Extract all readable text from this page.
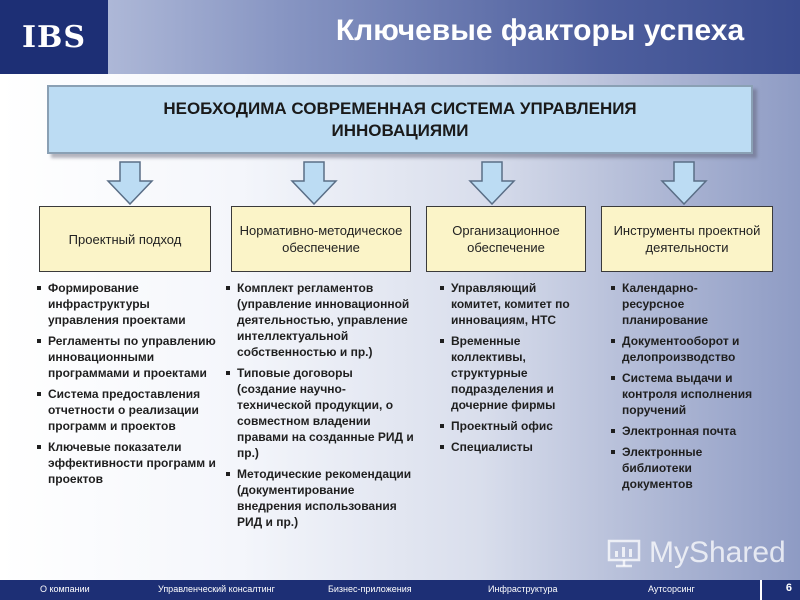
IBS	Ключевые факторы успеха
НЕОБХОДИМА СОВРЕМЕННАЯ СИСТЕМА УПРАВЛЕНИЯ ИННОВАЦИЯМИ
Проектный подход
Нормативно-методическое обеспечение
Организационное обеспечение
Инструменты проектной деятельности
Формирование инфраструктуры управления проектами
Регламенты по управлению инновационными программами и проектами
Система предоставления отчетности о реализации программ и проектов
Ключевые показатели эффективности программ и проектов
Комплект регламентов (управление инновационной деятельностью, управление интеллектуальной собственностью и пр.)
Типовые договоры (создание научно-технической продукции, о совместном владении правами на созданные РИД и пр.)
Методические рекомендации (документирование внедрения использования РИД и пр.)
Управляющий комитет, комитет по инновациям, НТС
Временные коллективы, структурные подразделения и дочерние фирмы
Проектный офис
Специалисты
Календарно-ресурсное планирование
Документооборот и делопроизводство
Система выдачи и контроля исполнения поручений
Электронная почта
Электронные библиотеки документов
MyShared
О компании	Управленческий консалтинг	Бизнес-приложения	Инфраструктура	Аутсорсинг	6
